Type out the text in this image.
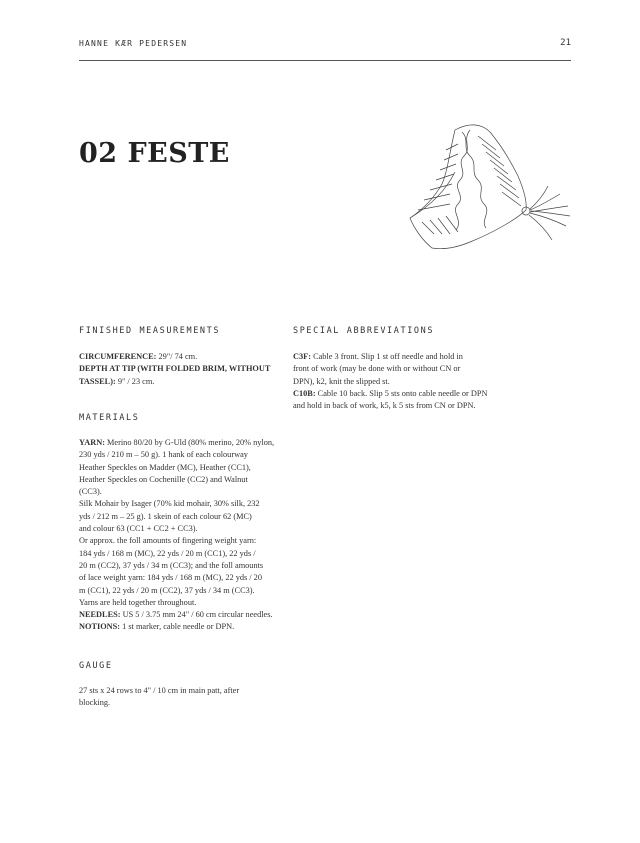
HANNE KÆR PEDERSEN	21
02 FESTE

FINISHED MEASUREMENTS

CIRCUMFERENCE: 29"/ 74 cm.
DEPTH AT TIP (WITH FOLDED BRIM, WITHOUT
TASSEL): 9" / 23 cm.

MATERIALS

YARN: Merino 80/20 by G-Uld (80% merino, 20% nylon,
230 yds / 210 m – 50 g). 1 hank of each colourway
Heather Speckles on Madder (MC), Heather (CC1),
Heather Speckles on Cochenille (CC2) and Walnut
(CC3).
Silk Mohair by Isager (70% kid mohair, 30% silk, 232
yds / 212 m – 25 g). 1 skein of each colour 62 (MC)
and colour 63 (CC1 + CC2 + CC3).
Or approx. the foll amounts of fingering weight yarn:
184 yds / 168 m (MC), 22 yds / 20 m (CC1), 22 yds /
20 m (CC2), 37 yds / 34 m (CC3); and the foll amounts
of lace weight yarn: 184 yds / 168 m (MC), 22 yds / 20
m (CC1), 22 yds / 20 m (CC2), 37 yds / 34 m (CC3).
Yarns are held together throughout.
NEEDLES: US 5 / 3.75 mm 24" / 60 cm circular needles.
NOTIONS: 1 st marker, cable needle or DPN.

GAUGE

27 sts x 24 rows to 4" / 10 cm in main patt, after
blocking.

SPECIAL ABBREVIATIONS

C3F: Cable 3 front. Slip 1 st off needle and hold in
front of work (may be done with or without CN or
DPN), k2, knit the slipped st.

C10B: Cable 10 back. Slip 5 sts onto cable needle or DPN
and hold in back of work, k5, k 5 sts from CN or DPN.
